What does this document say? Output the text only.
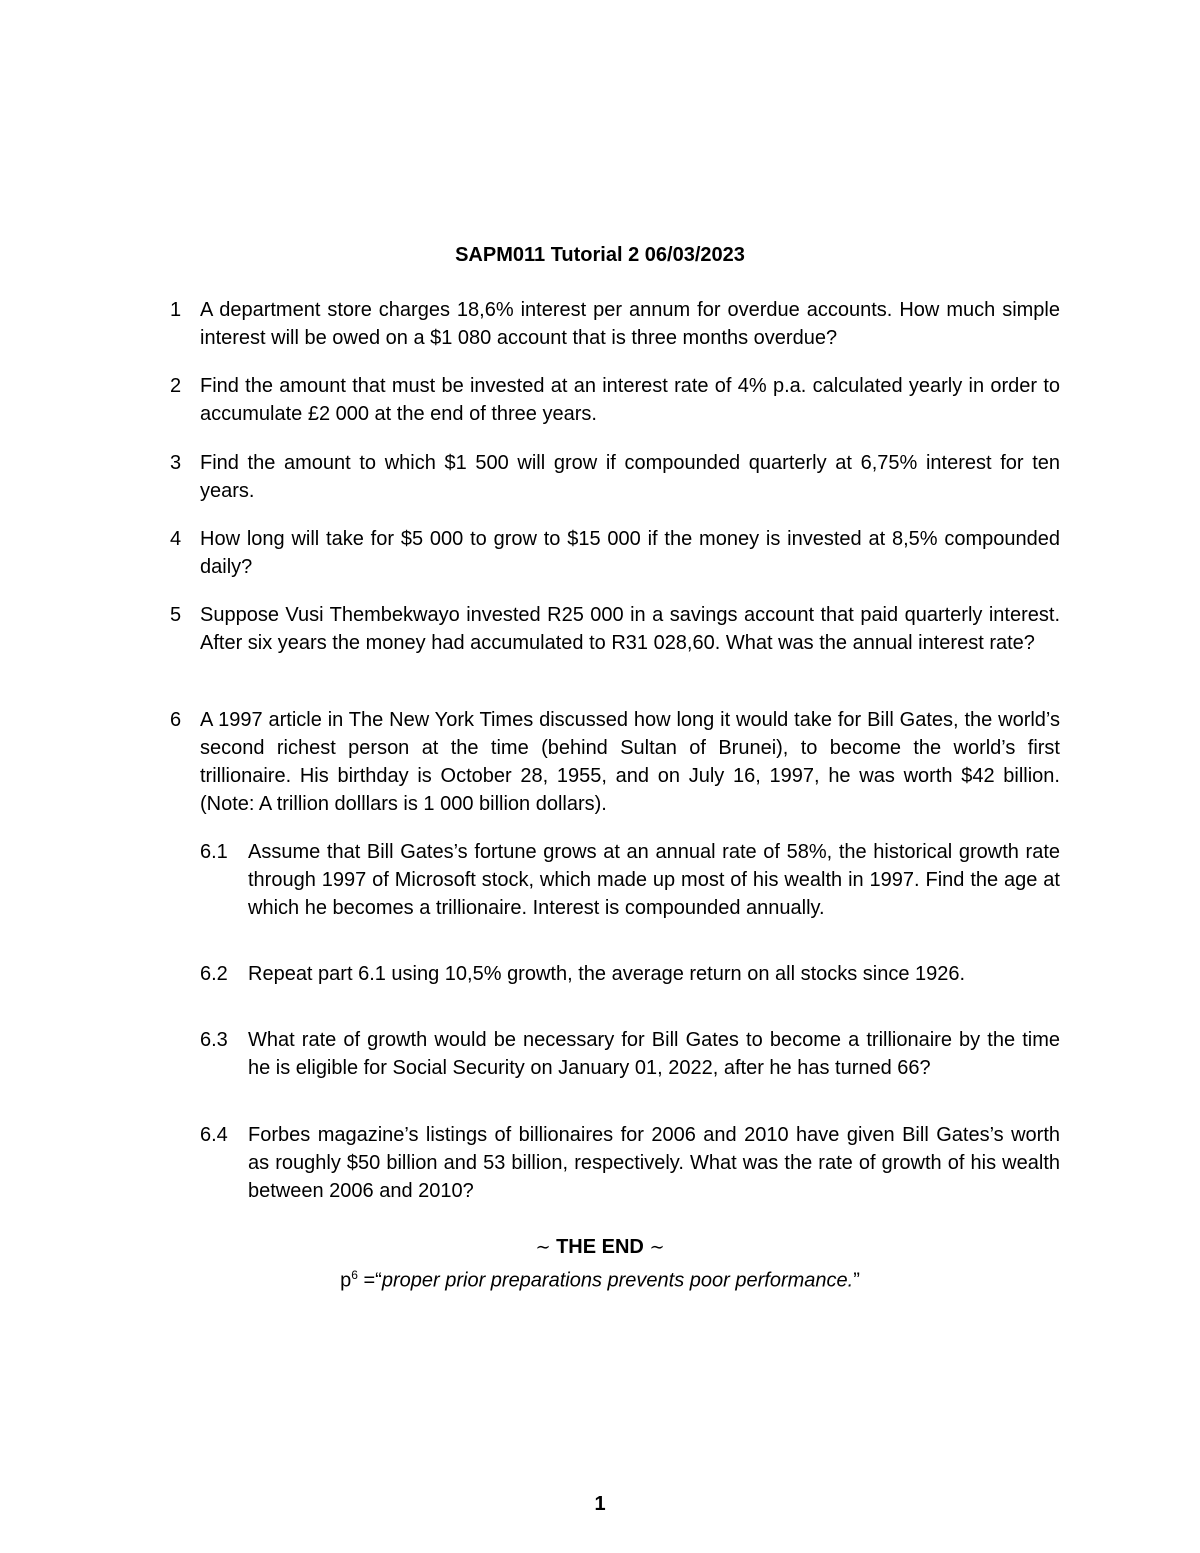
SAPM011 Tutorial 2 06/03/2023
1 A department store charges 18,6% interest per annum for overdue accounts. How much simple interest will be owed on a $1 080 account that is three months overdue?
2 Find the amount that must be invested at an interest rate of 4% p.a. calculated yearly in order to accumulate £2 000 at the end of three years.
3 Find the amount to which $1 500 will grow if compounded quarterly at 6,75% interest for ten years.
4 How long will take for $5 000 to grow to $15 000 if the money is invested at 8,5% compounded daily?
5 Suppose Vusi Thembekwayo invested R25 000 in a savings account that paid quarterly interest. After six years the money had accumulated to R31 028,60. What was the annual interest rate?
6 A 1997 article in The New York Times discussed how long it would take for Bill Gates, the world’s second richest person at the time (behind Sultan of Brunei), to become the world’s first trillionaire. His birthday is October 28, 1955, and on July 16, 1997, he was worth $42 billion. (Note: A trillion dolllars is 1 000 billion dollars).
6.1 Assume that Bill Gates’s fortune grows at an annual rate of 58%, the historical growth rate through 1997 of Microsoft stock, which made up most of his wealth in 1997. Find the age at which he becomes a trillionaire. Interest is compounded annually.
6.2 Repeat part 6.1 using 10,5% growth, the average return on all stocks since 1926.
6.3 What rate of growth would be necessary for Bill Gates to become a trillionaire by the time he is eligible for Social Security on January 01, 2022, after he has turned 66?
6.4 Forbes magazine’s listings of billionaires for 2006 and 2010 have given Bill Gates’s worth as roughly $50 billion and 53 billion, respectively. What was the rate of growth of his wealth between 2006 and 2010?
∼ THE END ∼
$p^6$ =“proper prior preparations prevents poor performance.”
1
